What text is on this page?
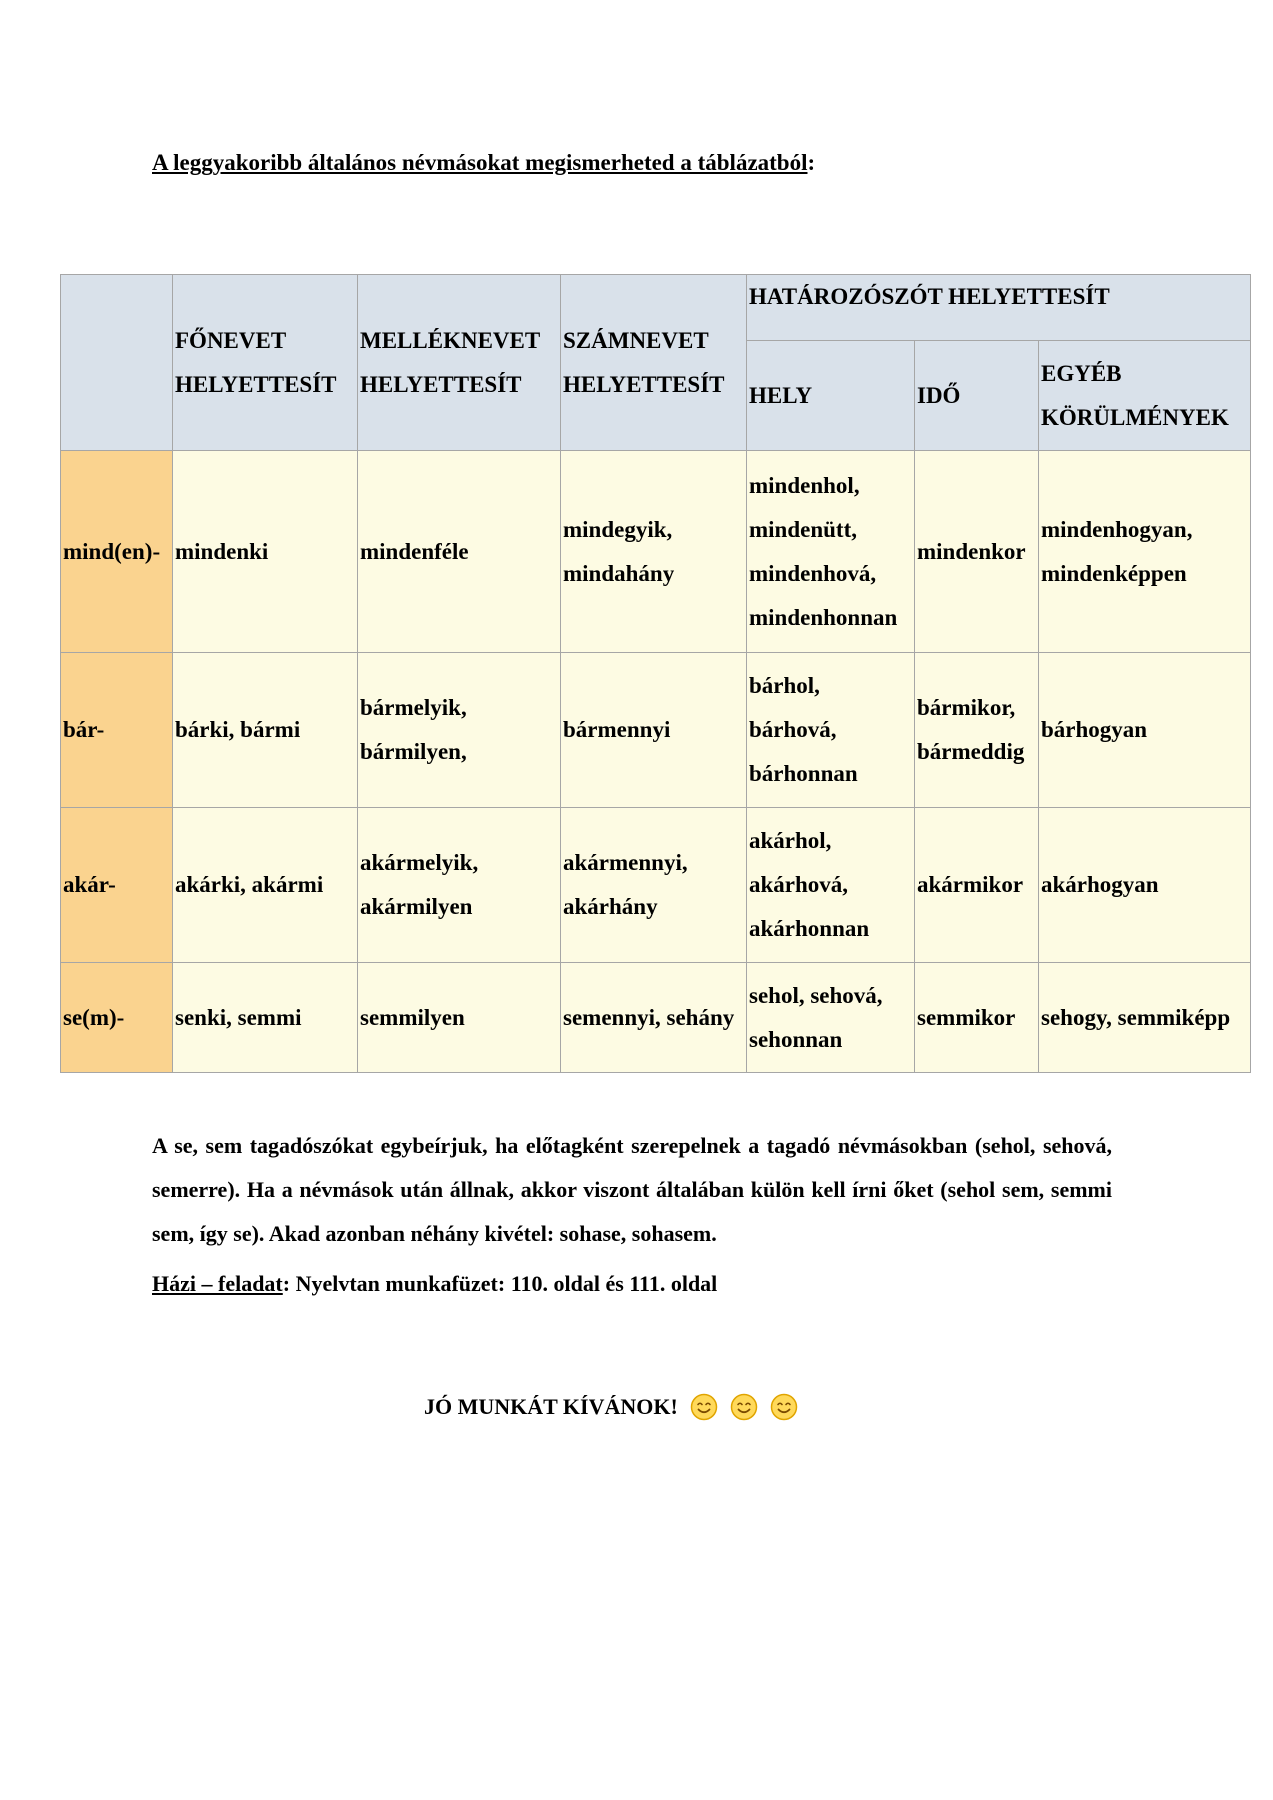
A leggyakoribb általános névmásokat megismerheted a táblázatból:

	FŐNEVET HELYETTESÍT	MELLÉKNEVET HELYETTESÍT	SZÁMNEVET HELYETTESÍT	HATÁROZÓSZÓT HELYETTESÍT		
				HELY	IDŐ	EGYÉB KÖRÜLMÉNYEK
mind(en)-	mindenki	mindenféle	mindegyik, mindahány	mindenhol, mindenütt, mindenhová, mindenhonnan	mindenkor	mindenhogyan, mindenképpen
bár-	bárki, bármi	bármelyik, bármilyen,	bármennyi	bárhol, bárhová, bárhonnan	bármikor, bármeddig	bárhogyan
akár-	akárki, akármi	akármelyik, akármilyen	akármennyi, akárhány	akárhol, akárhová, akárhonnan	akármikor	akárhogyan
se(m)-	senki, semmi	semmilyen	semennyi, sehány	sehol, sehová, sehonnan	semmikor	sehogy, semmiképp

A se, sem tagadószókat egybeírjuk, ha előtagként szerepelnek a tagadó névmásokban (sehol, sehová, semerre). Ha a névmások után állnak, akkor viszont általában külön kell írni őket (sehol sem, semmi sem, így se). Akad azonban néhány kivétel: sohase, sohasem.

Házi – feladat: Nyelvtan munkafüzet: 110. oldal és 111. oldal

JÓ MUNKÁT KÍVÁNOK!
